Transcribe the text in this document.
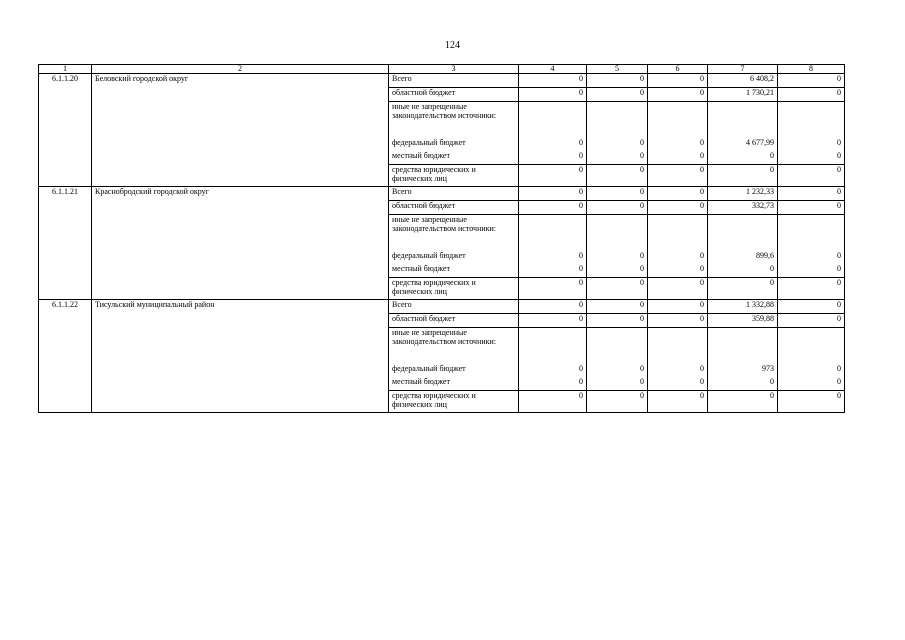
124
1	2	3	4	5	6	7	8
6.1.1.20	Беловский городской округ	Всего	0	0	0	6 408,2	0
		областной бюджет	0	0	0	1 730,21	0
		иные не запрещенные законодательством источники:					
		федеральный бюджет	0	0	0	4 677,99	0
		местный бюджет	0	0	0	0	0
		средства юридических и физических лиц	0	0	0	0	0
6.1.1.21	Краснобродский городской округ	Всего	0	0	0	1 232,33	0
		областной бюджет	0	0	0	332,73	0
		иные не запрещенные законодательством источники:					
		федеральный бюджет	0	0	0	899,6	0
		местный бюджет	0	0	0	0	0
		средства юридических и физических лиц	0	0	0	0	0
6.1.1.22	Тисульский муниципальный район	Всего	0	0	0	1 332,88	0
		областной бюджет	0	0	0	359,88	0
		иные не запрещенные законодательством источники:					
		федеральный бюджет	0	0	0	973	0
		местный бюджет	0	0	0	0	0
		средства юридических и физических лиц	0	0	0	0	0
